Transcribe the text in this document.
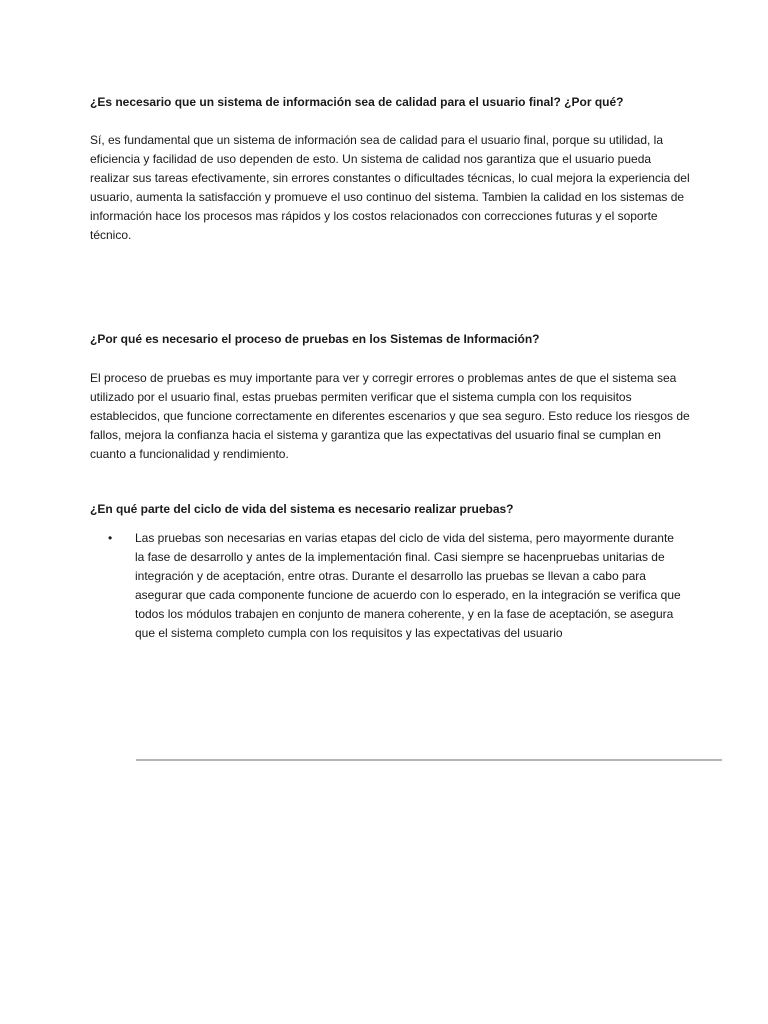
¿Es necesario que un sistema de información sea de calidad para el usuario final? ¿Por qué?

Sí, es fundamental que un sistema de información sea de calidad para el usuario final, porque su utilidad, la eficiencia y facilidad de uso dependen de esto. Un sistema de calidad nos garantiza que el usuario pueda realizar sus tareas efectivamente, sin errores constantes o dificultades técnicas, lo cual mejora la experiencia del usuario, aumenta la satisfacción y promueve el uso continuo del sistema. Tambien la calidad en los sistemas de información hace los procesos mas rápidos y los costos relacionados con correcciones futuras y el soporte técnico.

¿Por qué es necesario el proceso de pruebas en los Sistemas de Información?

El proceso de pruebas es muy importante para ver y corregir errores o problemas antes de que el sistema sea utilizado por el usuario final, estas pruebas permiten verificar que el sistema cumpla con los requisitos establecidos, que funcione correctamente en diferentes escenarios y que sea seguro. Esto reduce los riesgos de fallos, mejora la confianza hacia el sistema y garantiza que las expectativas del usuario final se cumplan en cuanto a funcionalidad y rendimiento.

¿En qué parte del ciclo de vida del sistema es necesario realizar pruebas?

•	Las pruebas son necesarias en varias etapas del ciclo de vida del sistema, pero mayormente durante la fase de desarrollo y antes de la implementación final. Casi siempre se hacenpruebas unitarias de integración y de aceptación, entre otras. Durante el desarrollo las pruebas se llevan a cabo para asegurar que cada componente funcione de acuerdo con lo esperado, en la integración se verifica que todos los módulos trabajen en conjunto de manera coherente, y en la fase de aceptación, se asegura que el sistema completo cumpla con los requisitos y las expectativas del usuario
